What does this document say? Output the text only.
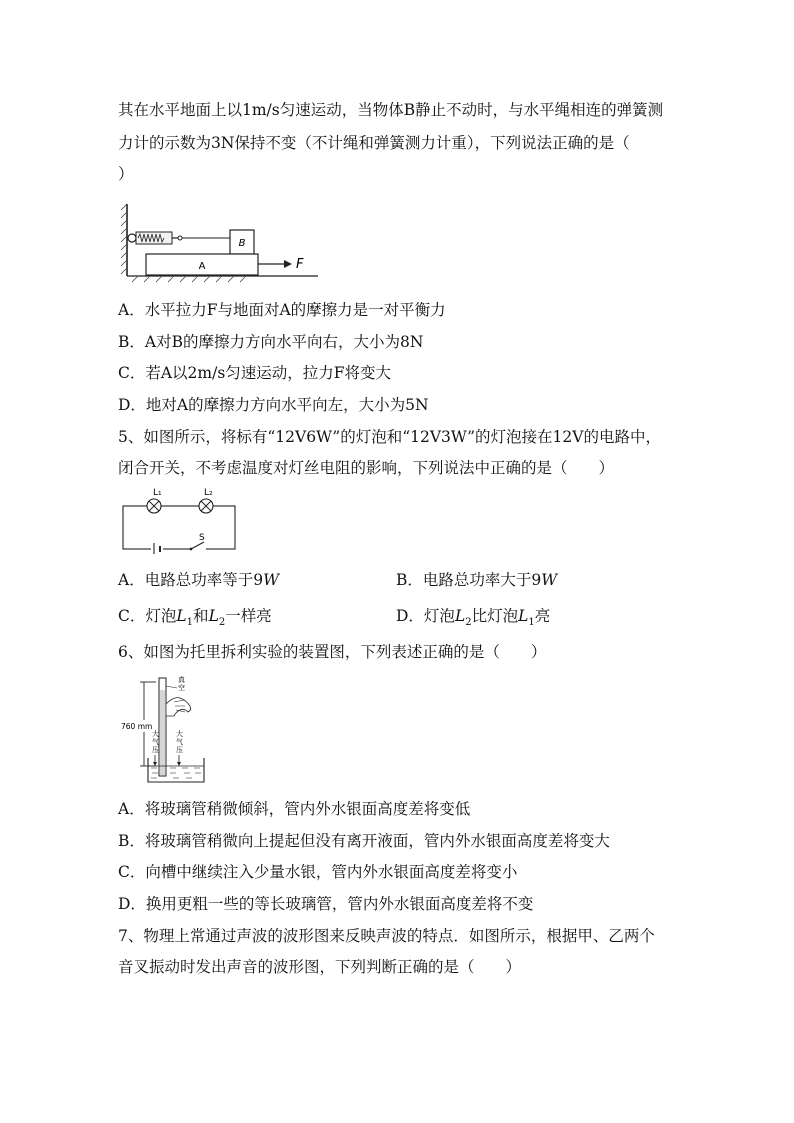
其在水平地面上以1m/s匀速运动，当物体B静止不动时，与水平绳相连的弹簧测
力计的示数为3N保持不变（不计绳和弹簧测力计重），下列说法正确的是（
）
B
A	F
A．水平拉力F与地面对A的摩擦力是一对平衡力
B．A对B的摩擦力方向水平向右，大小为8N
C．若A以2m/s匀速运动，拉力F将变大
D．地对A的摩擦力方向水平向左，大小为5N
5、如图所示，将标有“12V6W”的灯泡和“12V3W”的灯泡接在12V的电路中，
闭合开关，不考虑温度对灯丝电阻的影响，下列说法中正确的是（　　）
L₁	L₂
S
A．电路总功率等于9W	B．电路总功率大于9W
C．灯泡$L_1$和$L_2$一样亮	D．灯泡$L_2$比灯泡$L_1$亮
6、如图为托里拆利实验的装置图，下列表述正确的是（　　）
760 mm
真
空
大
气
压
大
气
压
A．将玻璃管稍微倾斜，管内外水银面高度差将变低
B．将玻璃管稍微向上提起但没有离开液面，管内外水银面高度差将变大
C．向槽中继续注入少量水银，管内外水银面高度差将变小
D．换用更粗一些的等长玻璃管，管内外水银面高度差将不变
7、物理上常通过声波的波形图来反映声波的特点．如图所示，根据甲、乙两个
音叉振动时发出声音的波形图，下列判断正确的是（　　）
